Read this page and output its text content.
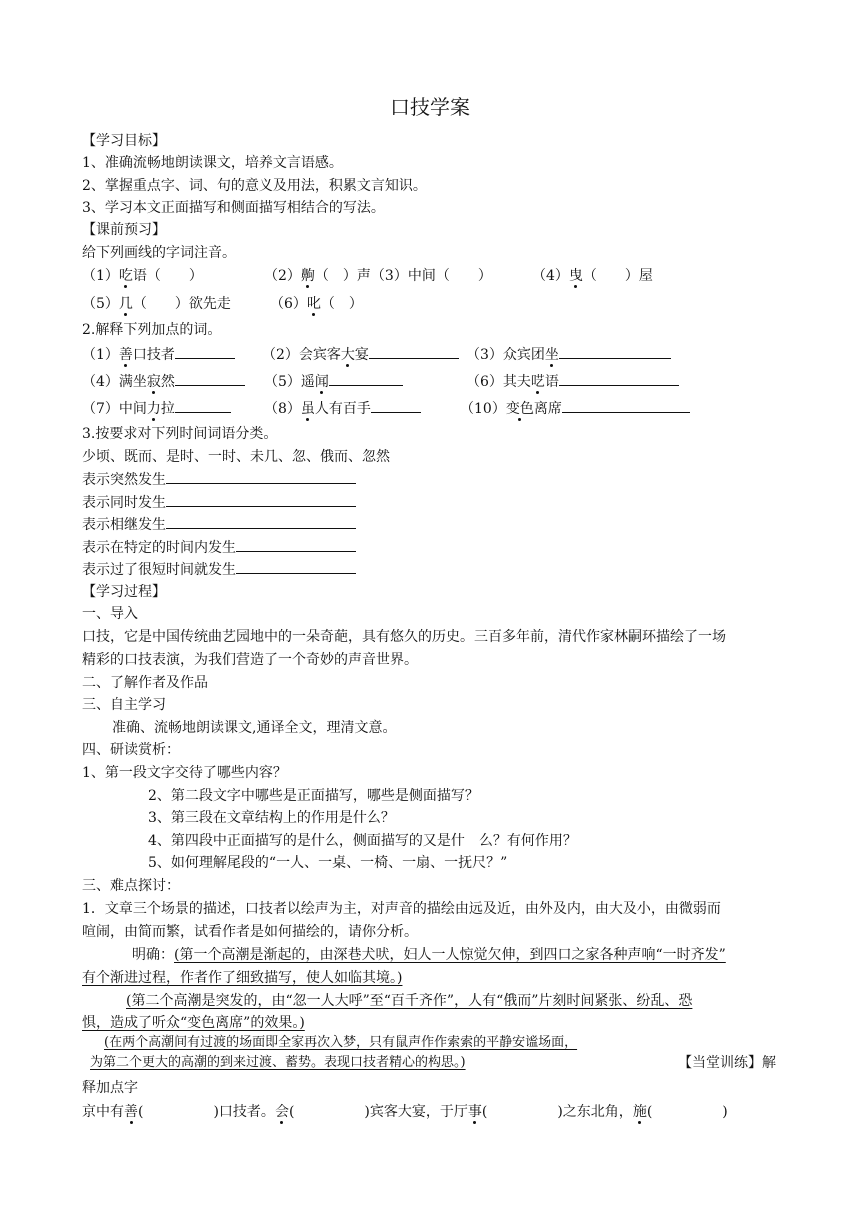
口技学案
【学习目标】
1、准确流畅地朗读课文，培养文言语感。
2、掌握重点字、词、句的意义及用法，积累文言知识。
3、学习本文正面描写和侧面描写相结合的写法。
【课前预习】
给下列画线的字词注音。
（1）吃语（　　）	（2）齁（　）声（3）中间（　　）	（4）曳（　　）屋
（5）几（　　）欲先走	（6）叱（　）
2.解释下列加点的词。
（1）善口技者	（2）会宾客大宴	（3）众宾团坐
（4）满坐寂然	（5）遥闻	（6）其夫呓语
（7）中间力拉	（8）虽人有百手	（10）变色离席
3.按要求对下列时间词语分类。
少顷、既而、是时、一时、未几、忽、俄而、忽然
表示突然发生
表示同时发生
表示相继发生
表示在特定的时间内发生
表示过了很短时间就发生
【学习过程】
一、导入
口技，它是中国传统曲艺园地中的一朵奇葩，具有悠久的历史。三百多年前，清代作家林嗣环描绘了一场
精彩的口技表演，为我们营造了一个奇妙的声音世界。
二、了解作者及作品
三、自主学习
准确、流畅地朗读课文,通译全文，理清文意。
四、研读赏析：
1、第一段文字交待了哪些内容？
2、第二段文字中哪些是正面描写，哪些是侧面描写？
3、第三段在文章结构上的作用是什么？
4、第四段中正面描写的是什么，侧面描写的又是什　么？有何作用？
5、如何理解尾段的“一人、一桌、一椅、一扇、一抚尺？”
三、难点探讨：
1．文章三个场景的描述，口技者以绘声为主，对声音的描绘由远及近，由外及内，由大及小，由微弱而
喧闹，由简而繁，试看作者是如何描绘的，请你分析。
明确：(第一个高潮是渐起的，由深巷犬吠，妇人一人惊觉欠伸，到四口之家各种声响“一时齐发”
有个渐进过程，作者作了细致描写，使人如临其境。)
(第二个高潮是突发的，由“忽一人大呼”至“百千齐作”，人有“俄而”片刻时间紧张、纷乱、恐
惧，造成了听众“变色离席”的效果。)
(在两个高潮间有过渡的场面即全家再次入梦，只有鼠声作作索索的平静安谧场面，
为第二个更大的高潮的到来过渡、蓄势。表现口技者精心的构思。)	【当堂训练】解
释加点字
京中有善(　　　　　)口技者。会(　　　　　)宾客大宴，于厅事(　　　　　)之东北角，施(　　　　　)
